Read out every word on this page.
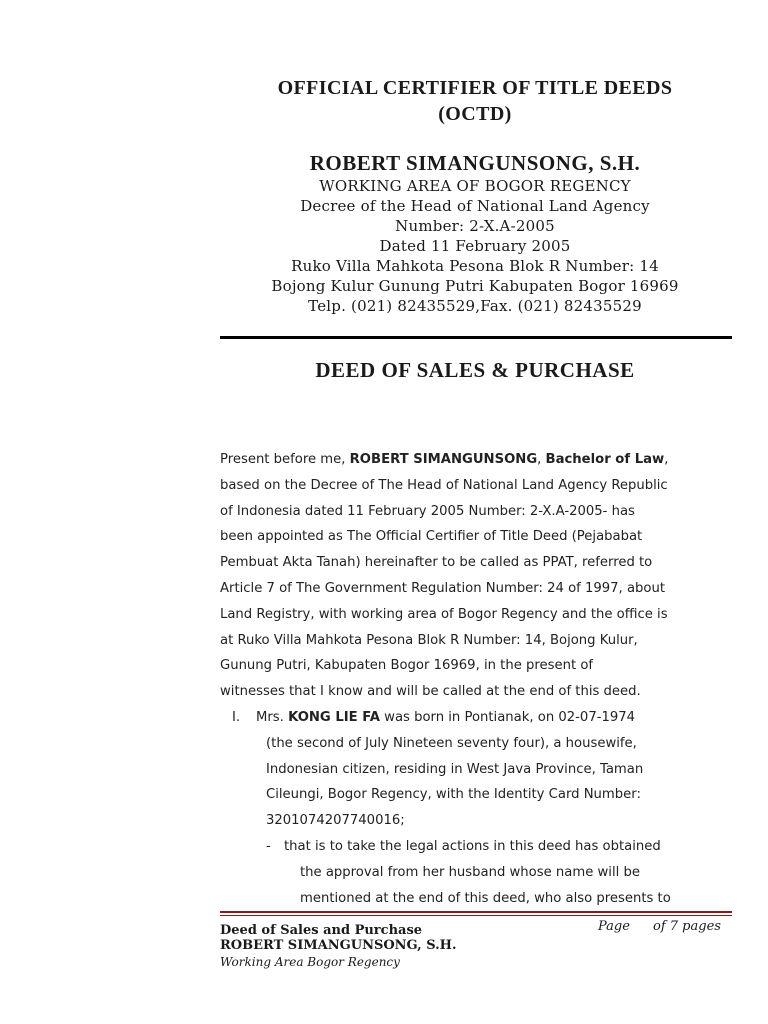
OFFICIAL CERTIFIER OF TITLE DEEDS

(OCTD)

ROBERT SIMANGUNSONG, S.H.

WORKING AREA OF BOGOR REGENCY

Decree of the Head of National Land Agency

Number: 2-X.A-2005

Dated 11 February 2005

Ruko Villa Mahkota Pesona Blok R Number: 14

Bojong Kulur Gunung Putri Kabupaten Bogor 16969

Telp. (021) 82435529,Fax. (021) 82435529

DEED OF SALES & PURCHASE

Present before me, ROBERT SIMANGUNSONG, Bachelor of Law,

based on the Decree of The Head of National Land Agency Republic

of Indonesia dated 11 February 2005 Number: 2-X.A-2005- has

been appointed as The Official Certifier of Title Deed (Pejababat

Pembuat Akta Tanah) hereinafter to be called as PPAT, referred to

Article 7 of The Government Regulation Number: 24 of 1997, about

Land Registry, with working area of Bogor Regency and the office is

at Ruko Villa Mahkota Pesona Blok R Number: 14, Bojong Kulur,

Gunung Putri, Kabupaten Bogor 16969, in the present of

witnesses that I know and will be called at the end of this deed.

I. Mrs. KONG LIE FA was born in Pontianak, on 02-07-1974

(the second of July Nineteen seventy four), a housewife,

Indonesian citizen, residing in West Java Province, Taman

Cileungi, Bogor Regency, with the Identity Card Number:

3201074207740016;

- that is to take the legal actions in this deed has obtained

the approval from her husband whose name will be

mentioned at the end of this deed, who also presents to

Deed of Sales and Purchase	Page of 7 pages
ROBERT SIMANGUNSONG, S.H.
Working Area Bogor Regency
